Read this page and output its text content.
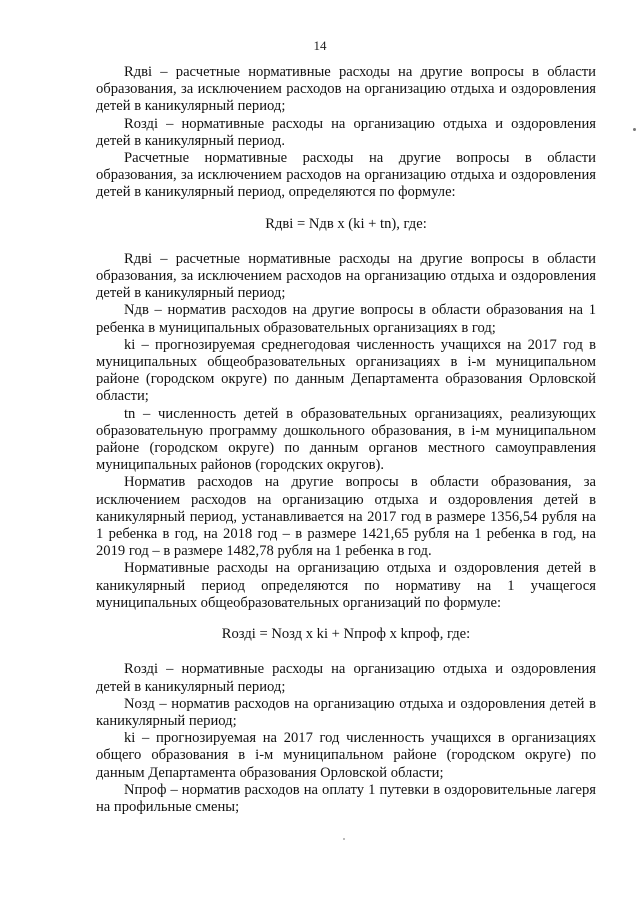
14

Rдвi – расчетные нормативные расходы на другие вопросы в области образования, за исключением расходов на организацию отдыха и оздоровления детей в каникулярный период;

Rоздi – нормативные расходы на организацию отдыха и оздоровления детей в каникулярный период.

Расчетные нормативные расходы на другие вопросы в области образования, за исключением расходов на организацию отдыха и оздоровления детей в каникулярный период, определяются по формуле:

Rдвi = Nдв х (ki + tn), где:

Rдвi – расчетные нормативные расходы на другие вопросы в области образования, за исключением расходов на организацию отдыха и оздоровления детей в каникулярный период;

Nдв – норматив расходов на другие вопросы в области образования на 1 ребенка в муниципальных образовательных организациях в год;

ki – прогнозируемая среднегодовая численность учащихся на 2017 год в муниципальных общеобразовательных организациях в i-м муниципальном районе (городском округе) по данным Департамента образования Орловской области;

tn – численность детей в образовательных организациях, реализующих образовательную программу дошкольного образования, в i-м муниципальном районе (городском округе) по данным органов местного самоуправления муниципальных районов (городских округов).

Норматив расходов на другие вопросы в области образования, за исключением расходов на организацию отдыха и оздоровления детей в каникулярный период, устанавливается на 2017 год в размере 1356,54 рубля на 1 ребенка в год, на 2018 год – в размере 1421,65 рубля на 1 ребенка в год, на 2019 год – в размере 1482,78 рубля на 1 ребенка в год.

Нормативные расходы на организацию отдыха и оздоровления детей в каникулярный период определяются по нормативу на 1 учащегося муниципальных общеобразовательных организаций по формуле:

Rоздi = Nозд х ki + Nпроф х kпроф, где:

Rоздi – нормативные расходы на организацию отдыха и оздоровления детей в каникулярный период;

Nозд – норматив расходов на организацию отдыха и оздоровления детей в каникулярный период;

ki – прогнозируемая на 2017 год численность учащихся в организациях общего образования в i-м муниципальном районе (городском округе) по данным Департамента образования Орловской области;

Nпроф – норматив расходов на оплату 1 путевки в оздоровительные лагеря на профильные смены;
